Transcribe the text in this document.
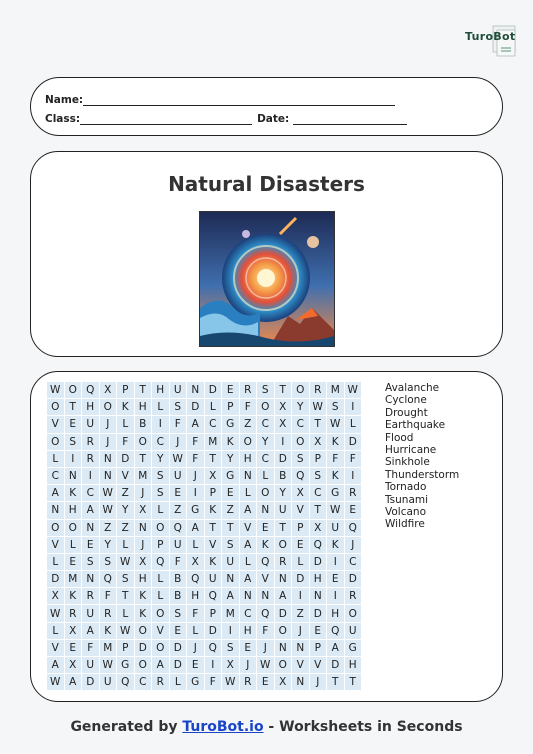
TuroBot
Name:
Class:	Date:
Natural Disasters
W	O	Q	X	P	T	H	U	N	D	E	R	S	T	O	R	M	W
O	T	H	O	K	H	L	S	D	L	P	F	O	X	Y	W	S	I
V	E	U	J	L	B	I	F	A	C	G	Z	C	X	C	T	W	L
O	S	R	J	F	O	C	J	F	M	K	O	Y	I	O	X	K	D
L	I	R	N	D	T	Y	W	F	T	Y	H	C	D	S	P	F	F
C	N	I	N	V	M	S	U	J	X	G	N	L	B	Q	S	K	I
A	K	C	W	Z	J	S	E	I	P	E	L	O	Y	X	C	G	R
N	H	A	W	Y	X	L	Z	G	K	Z	A	N	U	V	T	W	E
O	O	N	Z	Z	N	O	Q	A	T	T	V	E	T	P	X	U	Q
V	L	E	Y	L	J	P	U	L	V	S	A	K	O	E	Q	K	J
L	E	S	S	W	X	Q	F	X	K	U	L	Q	R	L	D	I	C
D	M	N	Q	S	H	L	B	Q	U	N	A	V	N	D	H	E	D
X	K	R	F	T	K	L	B	H	Q	A	N	N	A	I	N	I	R
W	R	U	R	L	K	O	S	F	P	M	C	Q	D	Z	D	H	O
L	X	A	K	W	O	V	E	L	D	I	H	F	O	J	E	Q	U
V	E	F	M	P	D	O	D	J	Q	S	E	J	N	N	P	A	G
A	X	U	W	G	O	A	D	E	I	X	J	W	O	V	V	D	H
W	A	D	U	Q	C	R	L	G	F	W	R	E	X	N	J	T	T
Avalanche
Cyclone
Drought
Earthquake
Flood
Hurricane
Sinkhole
Thunderstorm
Tornado
Tsunami
Volcano
Wildfire
Generated by TuroBot.io - Worksheets in Seconds
